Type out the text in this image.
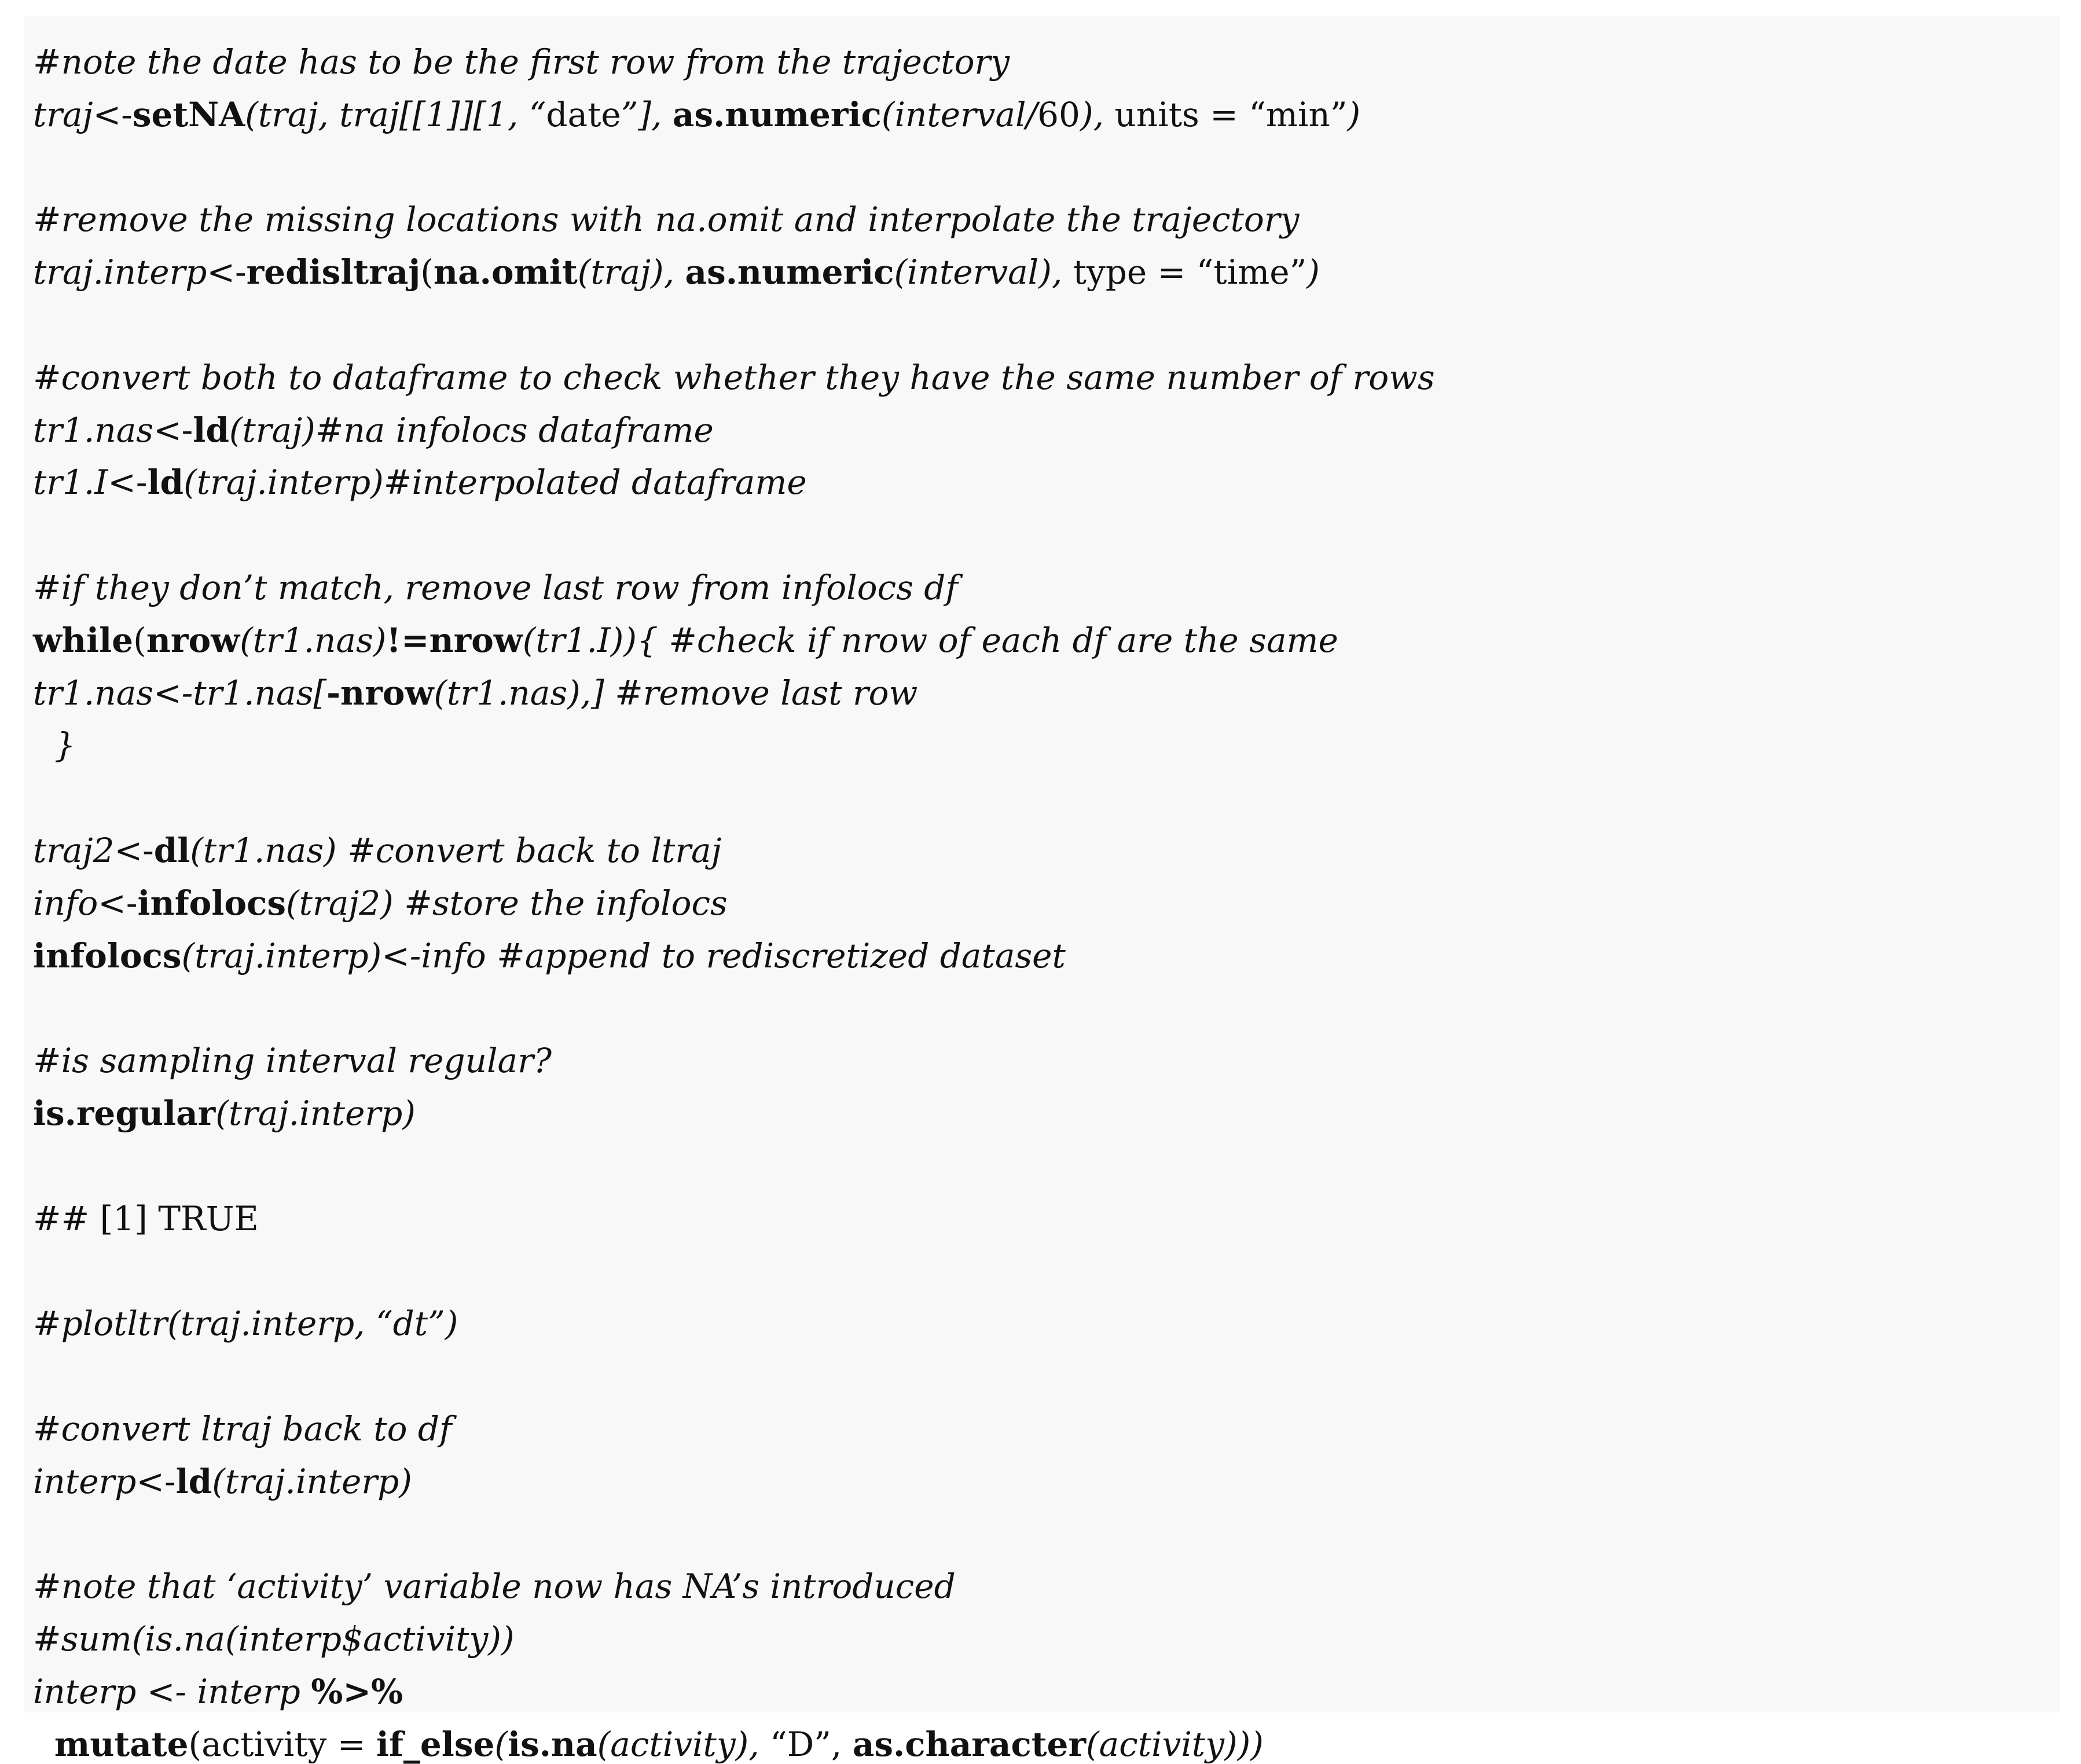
#note the date has to be the first row from the trajectory
traj<-setNA(traj, traj[[1]][1, “date”], as.numeric(interval/60), units = “min”)
#remove the missing locations with na.omit and interpolate the trajectory
traj.interp<-redisltraj(na.omit(traj), as.numeric(interval), type = “time”)
#convert both to dataframe to check whether they have the same number of rows
tr1.nas<-ld(traj)#na infolocs dataframe
tr1.I<-ld(traj.interp)#interpolated dataframe
#if they don’t match, remove last row from infolocs df
while(nrow(tr1.nas)!=nrow(tr1.I)){ #check if nrow of each df are the same
tr1.nas<-tr1.nas[-nrow(tr1.nas),] #remove last row
}
traj2<-dl(tr1.nas) #convert back to ltraj
info<-infolocs(traj2) #store the infolocs
infolocs(traj.interp)<-info #append to rediscretized dataset
#is sampling interval regular?
is.regular(traj.interp)
## [1] TRUE
#plotltr(traj.interp, “dt”)
#convert ltraj back to df
interp<-ld(traj.interp)
#note that ‘activity’ variable now has NA’s introduced
#sum(is.na(interp$activity))
interp <- interp %>%
mutate(activity = if_else(is.na(activity), “D”, as.character(activity)))
